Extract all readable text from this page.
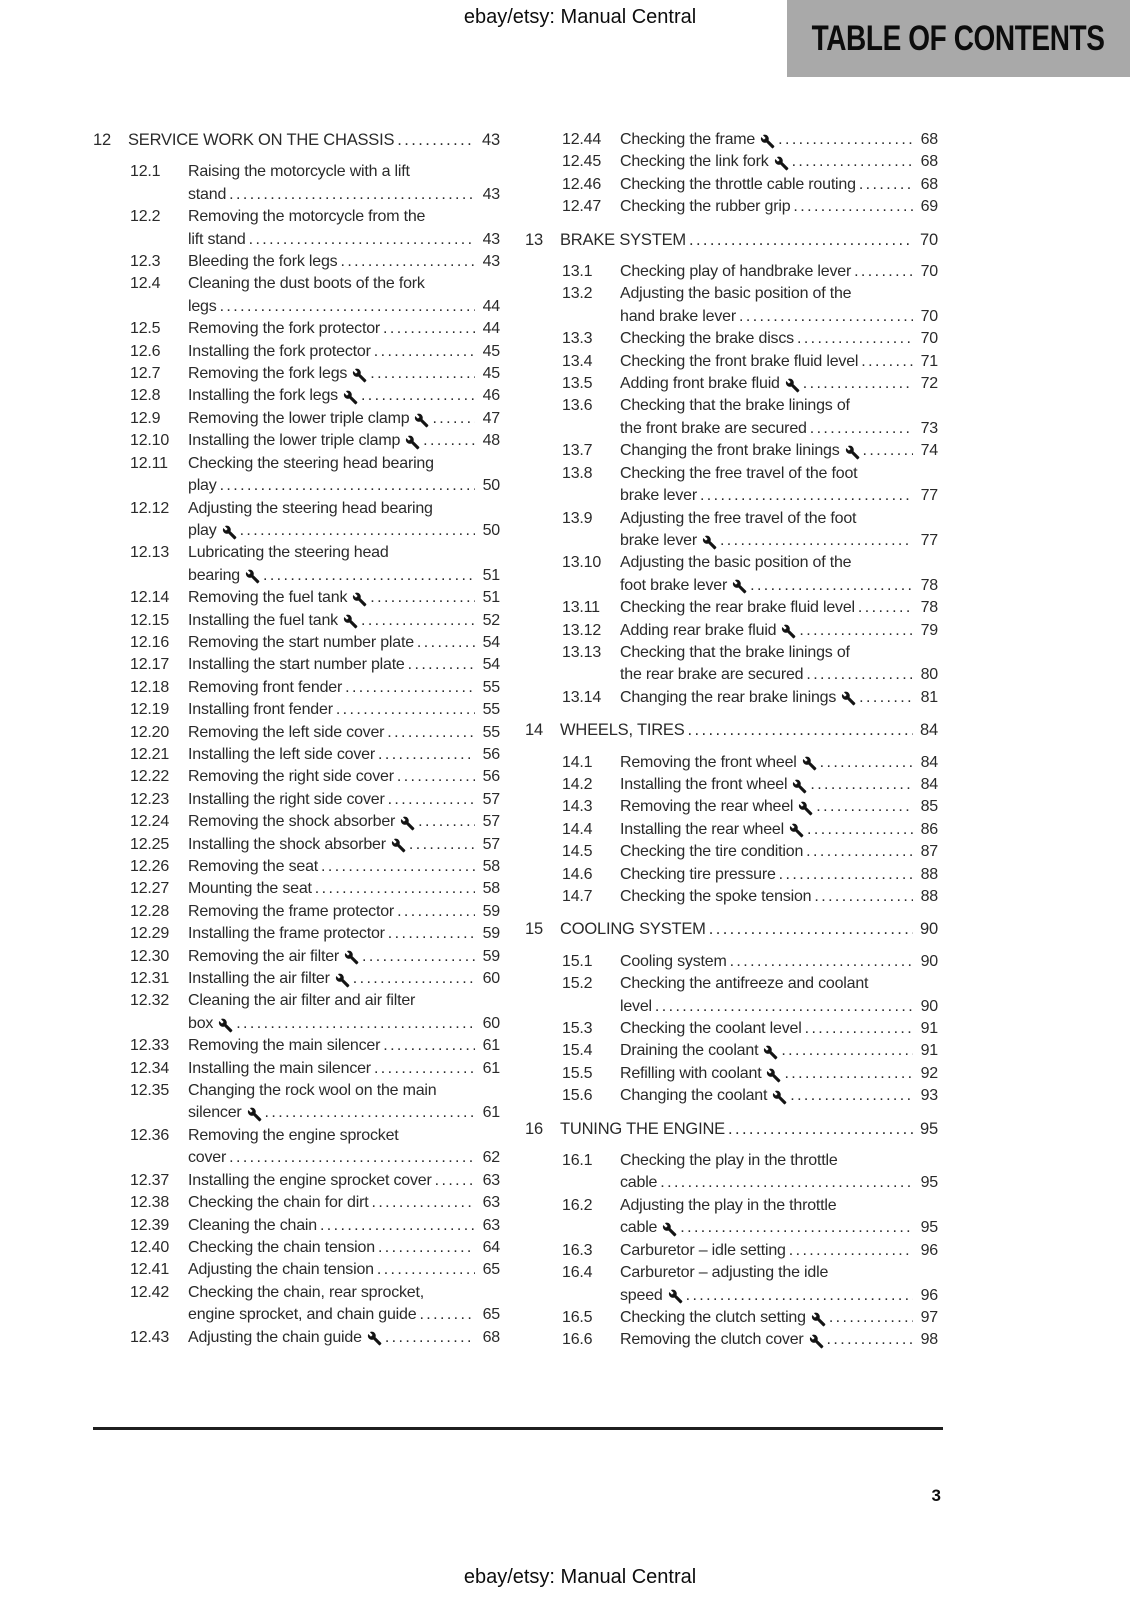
ebay/etsy: Manual Central
TABLE OF CONTENTS
12 SERVICE WORK ON THE CHASSIS .....	43
12.1 Raising the motorcycle with a lift
stand .....	43
12.2 Removing the motorcycle from the
lift stand .....	43
12.3 Bleeding the fork legs .....	43
12.4 Cleaning the dust boots of the fork
legs .....	44
12.5 Removing the fork protector .....	44
12.6 Installing the fork protector .....	45
12.7 Removing the fork legs .....	45
12.8 Installing the fork legs .....	46
12.9 Removing the lower triple clamp .....	47
12.10 Installing the lower triple clamp .....	48
12.11 Checking the steering head bearing
play .....	50
12.12 Adjusting the steering head bearing
play .....	50
12.13 Lubricating the steering head
bearing .....	51
12.14 Removing the fuel tank .....	51
12.15 Installing the fuel tank .....	52
12.16 Removing the start number plate .....	54
12.17 Installing the start number plate .....	54
12.18 Removing front fender .....	55
12.19 Installing front fender .....	55
12.20 Removing the left side cover .....	55
12.21 Installing the left side cover .....	56
12.22 Removing the right side cover .....	56
12.23 Installing the right side cover .....	57
12.24 Removing the shock absorber .....	57
12.25 Installing the shock absorber .....	57
12.26 Removing the seat .....	58
12.27 Mounting the seat .....	58
12.28 Removing the frame protector .....	59
12.29 Installing the frame protector .....	59
12.30 Removing the air filter .....	59
12.31 Installing the air filter .....	60
12.32 Cleaning the air filter and air filter
box .....	60
12.33 Removing the main silencer .....	61
12.34 Installing the main silencer .....	61
12.35 Changing the rock wool on the main
silencer .....	61
12.36 Removing the engine sprocket
cover .....	62
12.37 Installing the engine sprocket cover .....	63
12.38 Checking the chain for dirt .....	63
12.39 Cleaning the chain .....	63
12.40 Checking the chain tension .....	64
12.41 Adjusting the chain tension .....	65
12.42 Checking the chain, rear sprocket,
engine sprocket, and chain guide .....	65
12.43 Adjusting the chain guide .....	68
12.44 Checking the frame .....	68
12.45 Checking the link fork .....	68
12.46 Checking the throttle cable routing .....	68
12.47 Checking the rubber grip .....	69
13 BRAKE SYSTEM .....	70
13.1 Checking play of handbrake lever .....	70
13.2 Adjusting the basic position of the
hand brake lever .....	70
13.3 Checking the brake discs .....	70
13.4 Checking the front brake fluid level .....	71
13.5 Adding front brake fluid .....	72
13.6 Checking that the brake linings of
the front brake are secured .....	73
13.7 Changing the front brake linings .....	74
13.8 Checking the free travel of the foot
brake lever .....	77
13.9 Adjusting the free travel of the foot
brake lever .....	77
13.10 Adjusting the basic position of the
foot brake lever .....	78
13.11 Checking the rear brake fluid level .....	78
13.12 Adding rear brake fluid .....	79
13.13 Checking that the brake linings of
the rear brake are secured .....	80
13.14 Changing the rear brake linings .....	81
14 WHEELS, TIRES .....	84
14.1 Removing the front wheel .....	84
14.2 Installing the front wheel .....	84
14.3 Removing the rear wheel .....	85
14.4 Installing the rear wheel .....	86
14.5 Checking the tire condition .....	87
14.6 Checking tire pressure .....	88
14.7 Checking the spoke tension .....	88
15 COOLING SYSTEM .....	90
15.1 Cooling system .....	90
15.2 Checking the antifreeze and coolant
level .....	90
15.3 Checking the coolant level .....	91
15.4 Draining the coolant .....	91
15.5 Refilling with coolant .....	92
15.6 Changing the coolant .....	93
16 TUNING THE ENGINE .....	95
16.1 Checking the play in the throttle
cable .....	95
16.2 Adjusting the play in the throttle
cable .....	95
16.3 Carburetor – idle setting .....	96
16.4 Carburetor – adjusting the idle
speed .....	96
16.5 Checking the clutch setting .....	97
16.6 Removing the clutch cover .....	98
3
ebay/etsy: Manual Central
